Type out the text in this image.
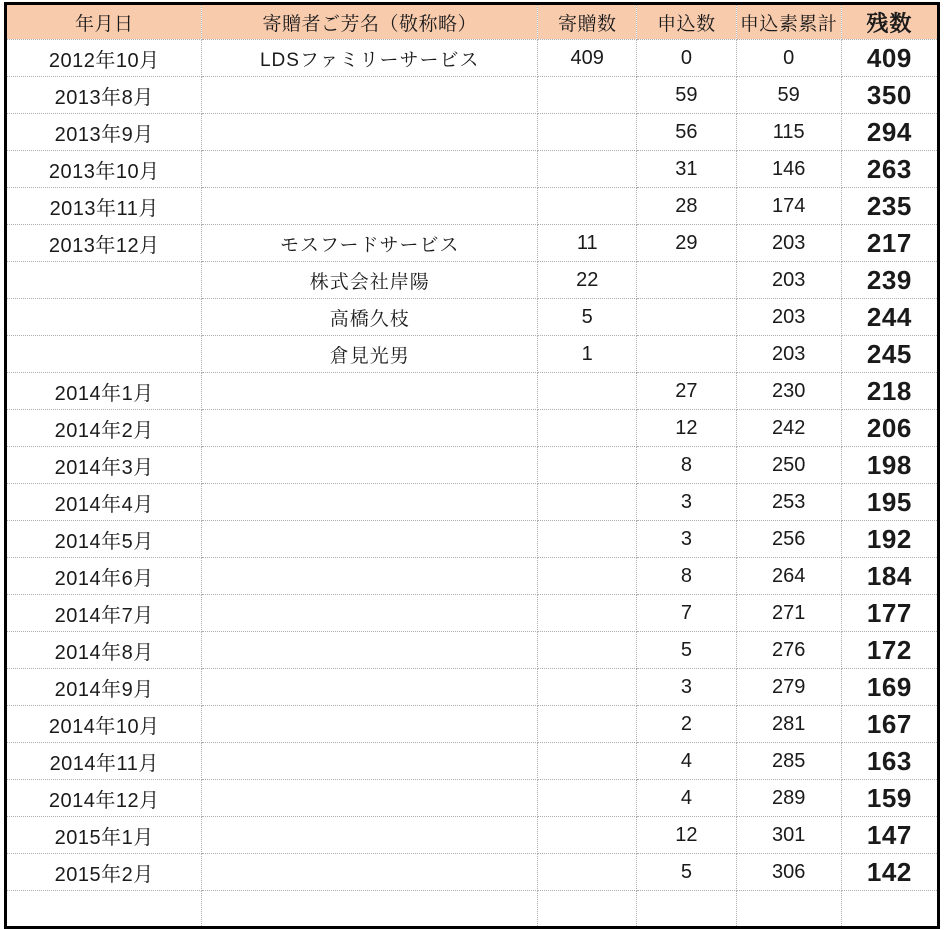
年月日	寄贈者ご芳名（敬称略）	寄贈数	申込数	申込素累計	残数
2012年10月	LDSファミリーサービス	409	0	0	409
2013年8月			59	59	350
2013年9月			56	115	294
2013年10月			31	146	263
2013年11月			28	174	235
2013年12月	モスフードサービス	11	29	203	217
	株式会社岸陽	22		203	239
	高橋久枝	5		203	244
	倉見光男	1		203	245
2014年1月			27	230	218
2014年2月			12	242	206
2014年3月			8	250	198
2014年4月			3	253	195
2014年5月			3	256	192
2014年6月			8	264	184
2014年7月			7	271	177
2014年8月			5	276	172
2014年9月			3	279	169
2014年10月			2	281	167
2014年11月			4	285	163
2014年12月			4	289	159
2015年1月			12	301	147
2015年2月			5	306	142
